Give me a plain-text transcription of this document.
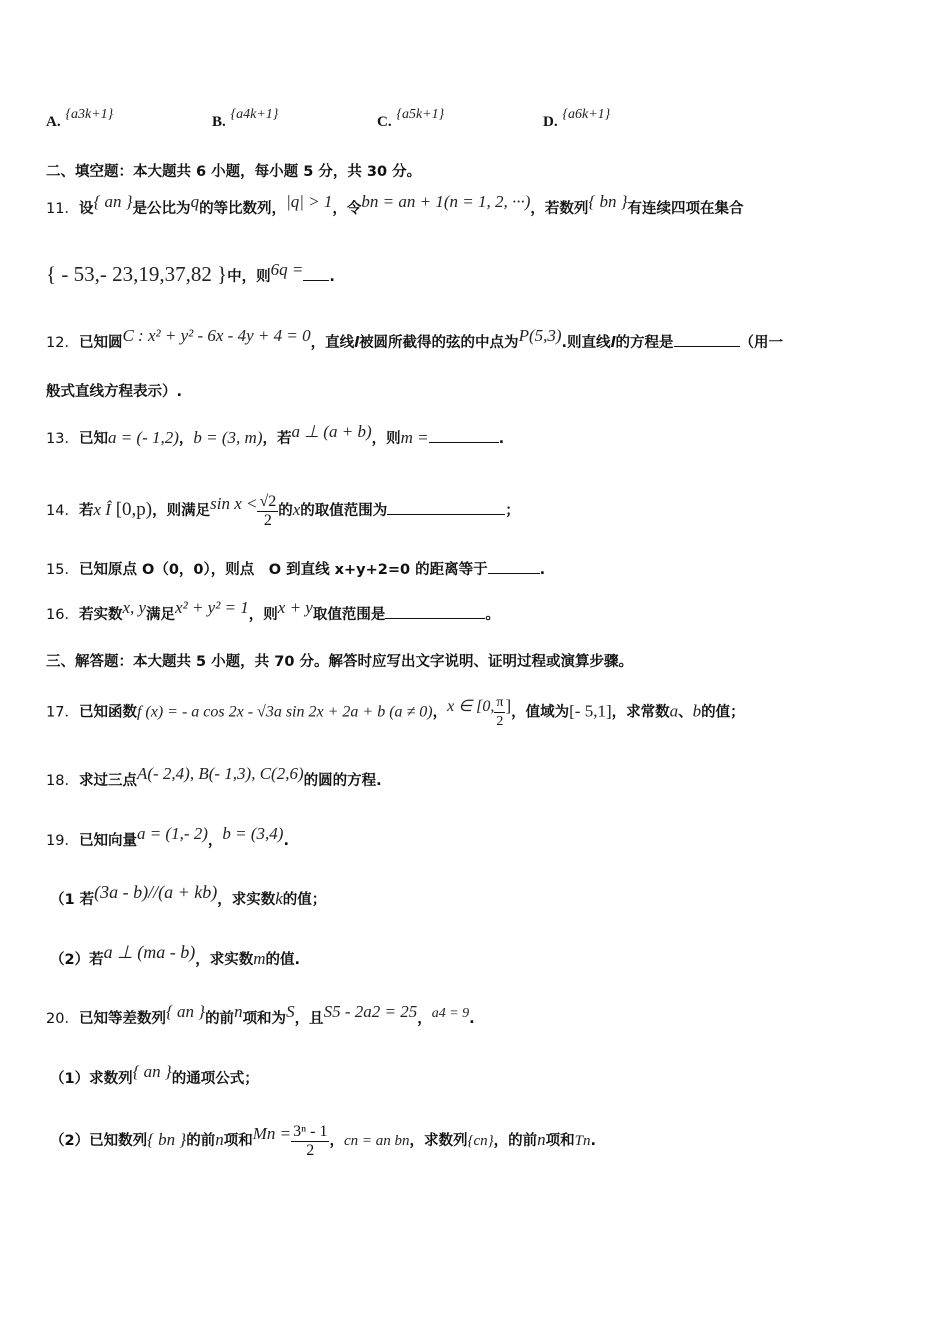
A. {a3k+1}	B. {a4k+1}	C. {a5k+1}	D. {a6k+1}
二、填空题：本大题共 6 小题，每小题 5 分，共 30 分。
11．设{ an }是公比为q的等比数列，|q| > 1，令bn = an + 1(n = 1, 2, ···)，若数列{ bn }有连续四项在集合
{ - 53,- 23,19,37,82 }中，则6q = .
12．已知圆C : x² + y² - 6x - 4y + 4 = 0，直线l被圆所截得的弦的中点为P(5,3).则直线l的方程是	（用一
般式直线方程表示）.
13．已知a = (- 1,2)，b = (3, m)，若a ⊥ (a + b)，则m =	.
14．若x Î [0,p)，则满足$\sin x < \frac{√2}{2}$ 的x的取值范围为	；
15．已知原点 O（0，0），则点　O 到直线 x+y+2=0 的距离等于	.
16．若实数x, y满足x² + y² = 1，则x + y取值范围是	。
三、解答题：本大题共 5 小题，共 70 分。解答时应写出文字说明、证明过程或演算步骤。
17．已知函数f (x) = - a cos 2x - √3a sin 2x + 2a + b (a ≠ 0)，x ∈ [0, $\frac{\pi}{2}$ ]，值域为[- 5,1]，求常数a、b的值；
18．求过三点A(- 2,4), B(- 1,3), C(2,6)的圆的方程.
19．已知向量a = (1,- 2)，b = (3,4).
（1 若(3a - b)//(a + kb)，求实数k的值；
（2）若a ⊥ (ma - b)，求实数m的值.
20．已知等差数列{ an }的前n项和为S，且S5 - 2a2 = 25，a4 = 9.
（1）求数列{ an }的通项公式；
（2）已知数列{ bn }的前n项和$Mn = \frac{\text{3ⁿ - 1}}{2}$ ，cn = an bn，求数列{cn}，的前n项和Tn.
